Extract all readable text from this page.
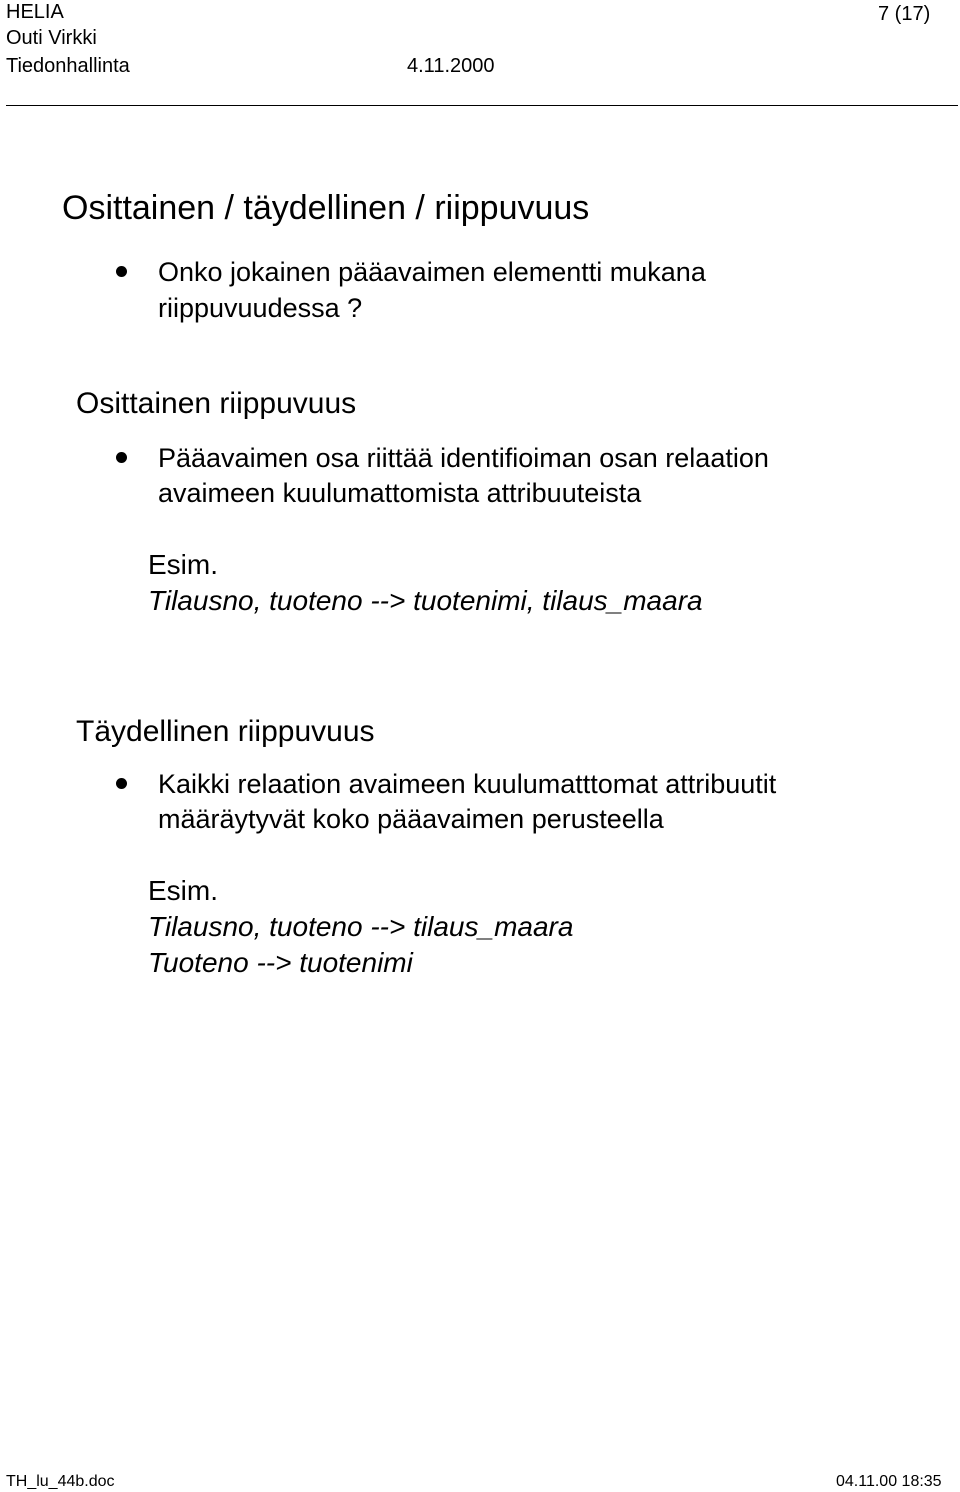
HELIA	7 (17)
Outi Virkki
Tiedonhallinta	4.11.2000
Osittainen / täydellinen / riippuvuus
Onko jokainen pääavaimen elementti mukana
riippuvuudessa ?
Osittainen riippuvuus
Pääavaimen osa riittää identifioiman osan relaation
avaimeen kuulumattomista attribuuteista
Esim.
Tilausno, tuoteno --> tuotenimi, tilaus_maara
Täydellinen riippuvuus
Kaikki relaation avaimeen kuulumatttomat attribuutit
määräytyvät koko pääavaimen perusteella
Esim.
Tilausno, tuoteno --> tilaus_maara
Tuoteno --> tuotenimi
TH_lu_44b.doc	04.11.00 18:35
